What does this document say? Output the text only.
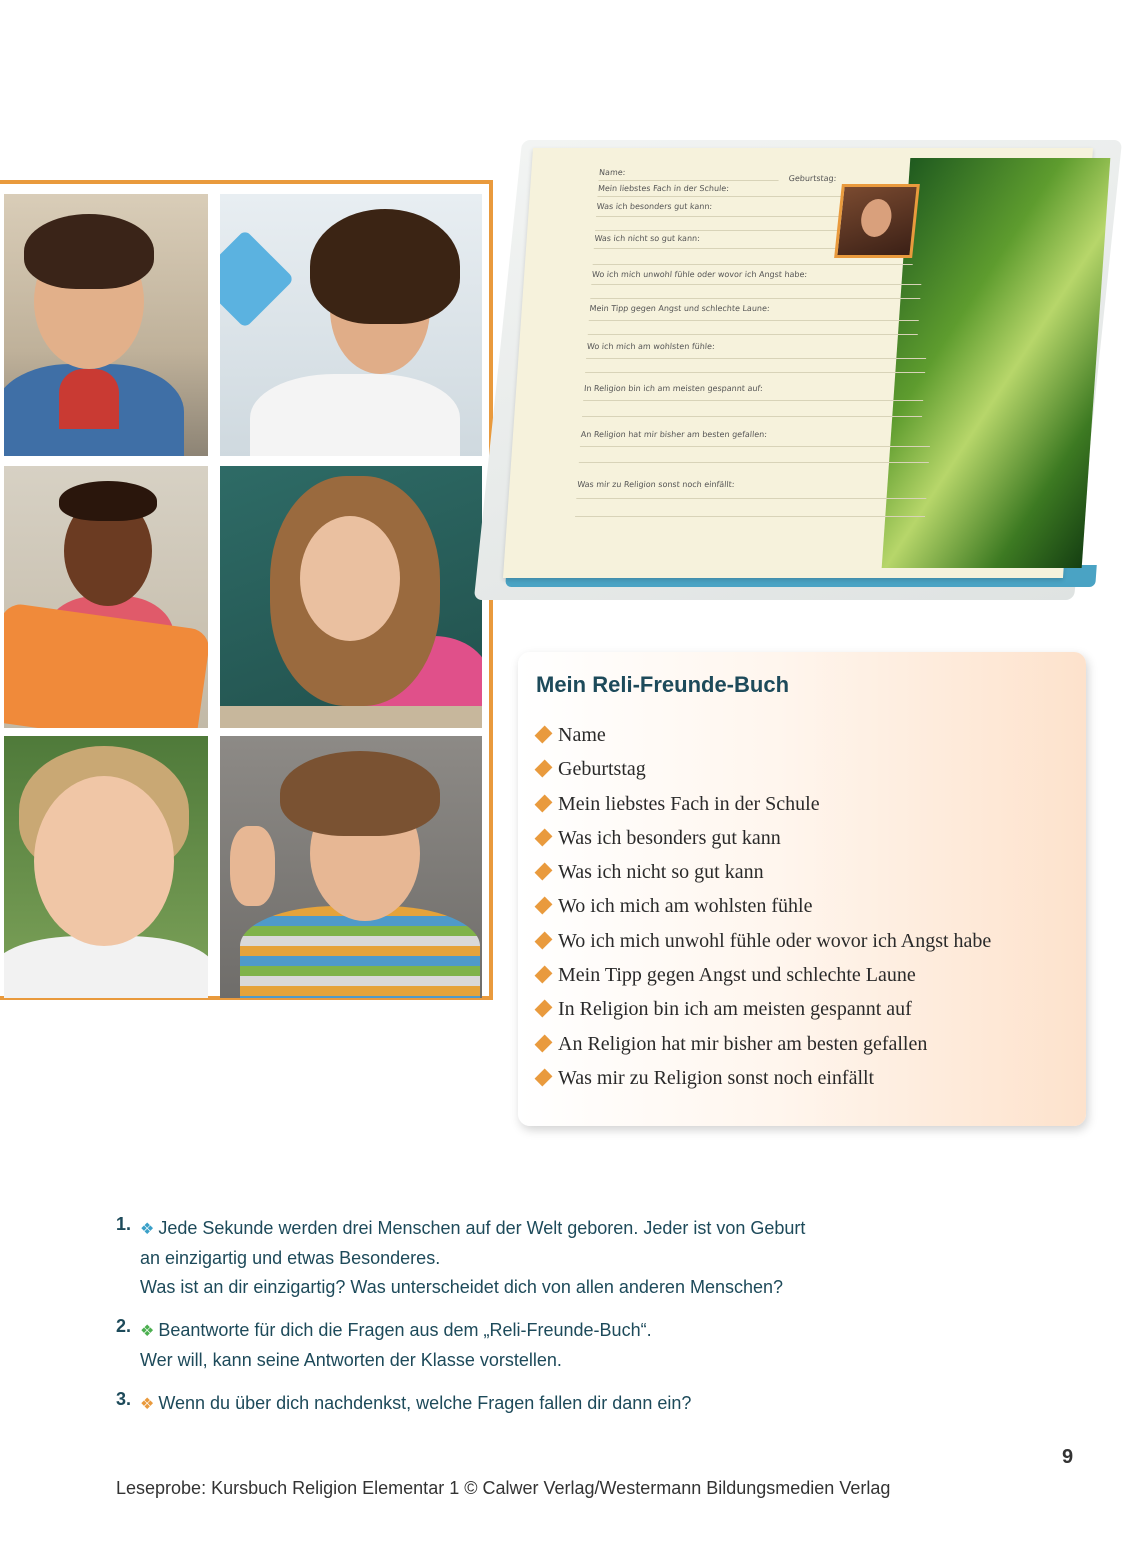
Name:
Geburtstag:
Mein liebstes Fach in der Schule:
Was ich besonders gut kann:
Was ich nicht so gut kann:
Wo ich mich unwohl fühle oder wovor ich Angst habe:
Mein Tipp gegen Angst und schlechte Laune:
Wo ich mich am wohlsten fühle:
In Religion bin ich am meisten gespannt auf:
An Religion hat mir bisher am besten gefallen:
Was mir zu Religion sonst noch einfällt:
Mein Reli-Freunde-Buch
Name
Geburtstag
Mein liebstes Fach in der Schule
Was ich besonders gut kann
Was ich nicht so gut kann
Wo ich mich am wohlsten fühle
Wo ich mich unwohl fühle oder wovor ich Angst habe
Mein Tipp gegen Angst und schlechte Laune
In Religion bin ich am meisten gespannt auf
An Religion hat mir bisher am besten gefallen
Was mir zu Religion sonst noch einfällt
1. ❖ Jede Sekunde werden drei Menschen auf der Welt geboren. Jeder ist von Geburt
an einzigartig und etwas Besonderes.
Was ist an dir einzigartig? Was unterscheidet dich von allen anderen Menschen?
2. ❖ Beantworte für dich die Fragen aus dem „Reli-Freunde-Buch“.
Wer will, kann seine Antworten der Klasse vorstellen.
3. ❖ Wenn du über dich nachdenkst, welche Fragen fallen dir dann ein?
9
Leseprobe: Kursbuch Religion Elementar 1 © Calwer Verlag/Westermann Bildungsmedien Verlag
